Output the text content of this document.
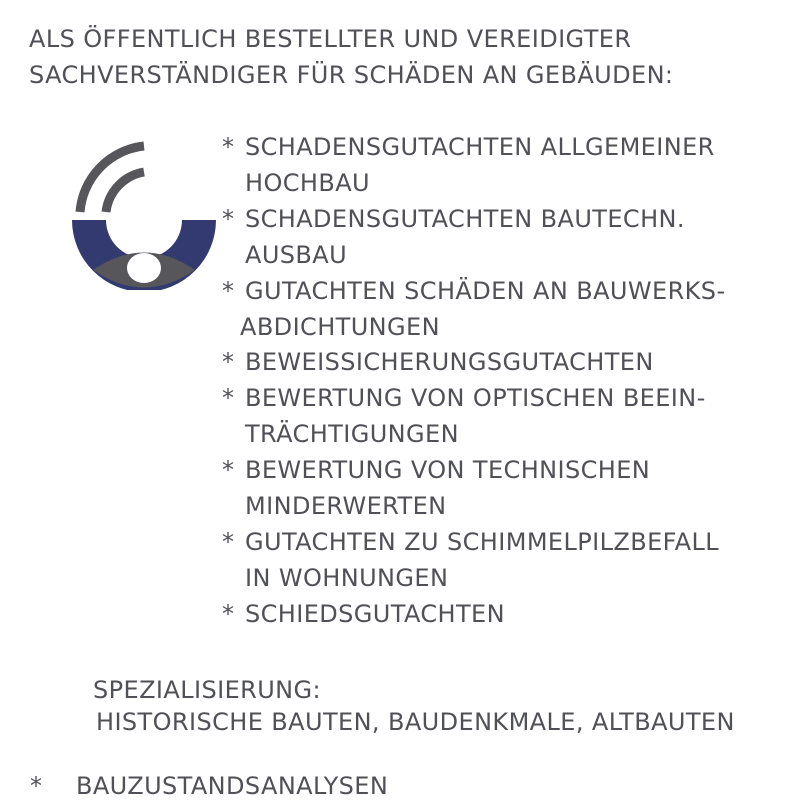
ALS ÖFFENTLICH BESTELLTER UND VEREIDIGTER
SACHVERSTÄNDIGER FÜR SCHÄDEN AN GEBÄUDEN:
* SCHADENSGUTACHTEN ALLGEMEINER
HOCHBAU
* SCHADENSGUTACHTEN BAUTECHN.
AUSBAU
* GUTACHTEN SCHÄDEN AN BAUWERKS-
ABDICHTUNGEN
* BEWEISSICHERUNGSGUTACHTEN
* BEWERTUNG VON OPTISCHEN BEEIN-
TRÄCHTIGUNGEN
* BEWERTUNG VON TECHNISCHEN
MINDERWERTEN
* GUTACHTEN ZU SCHIMMELPILZBEFALL
IN WOHNUNGEN
* SCHIEDSGUTACHTEN
SPEZIALISIERUNG:
HISTORISCHE BAUTEN, BAUDENKMALE, ALTBAUTEN
* BAUZUSTANDSANALYSEN
